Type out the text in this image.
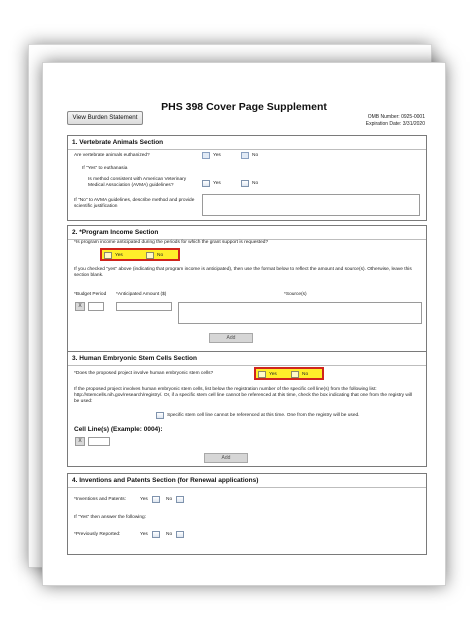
PHS 398 Cover Page Supplement
View Burden Statement	OMB Number: 0925-0001
Expiration Date: 3/31/2020
1. Vertebrate Animals Section
Are vertebrate animals euthanized?	Yes	No
If "Yes" to euthanasia
Is method consistent with American Veterinary
Medical Association (AVMA) guidelines?	Yes	No
If "No" to AVMA guidelines, describe method and provide scientific justification
2. *Program Income Section
*Is program income anticipated during the periods for which the grant support is requested?
Yes	No
If you checked "yes" above (indicating that program income is anticipated), then use the format below to reflect the amount and source(s). Otherwise, leave this section blank.
*Budget Period *Anticipated Amount ($)	*Source(s)
X
Add
3. Human Embryonic Stem Cells Section
*Does the proposed project involve human embryonic stem cells?	Yes	No
If the proposed project involves human embryonic stem cells, list below the registration number of the specific cell line(s) from the following list: http://stemcells.nih.gov/research/registry/. Or, if a specific stem cell line cannot be referenced at this time, check the box indicating that one from the registry will be used:
Specific stem cell line cannot be referenced at this time. One from the registry will be used.
Cell Line(s) (Example: 0004):
X
Add
4. Inventions and Patents Section (for Renewal applications)
*Inventions and Patents:	Yes	No
If "Yes" then answer the following:
*Previously Reported:	Yes	No
